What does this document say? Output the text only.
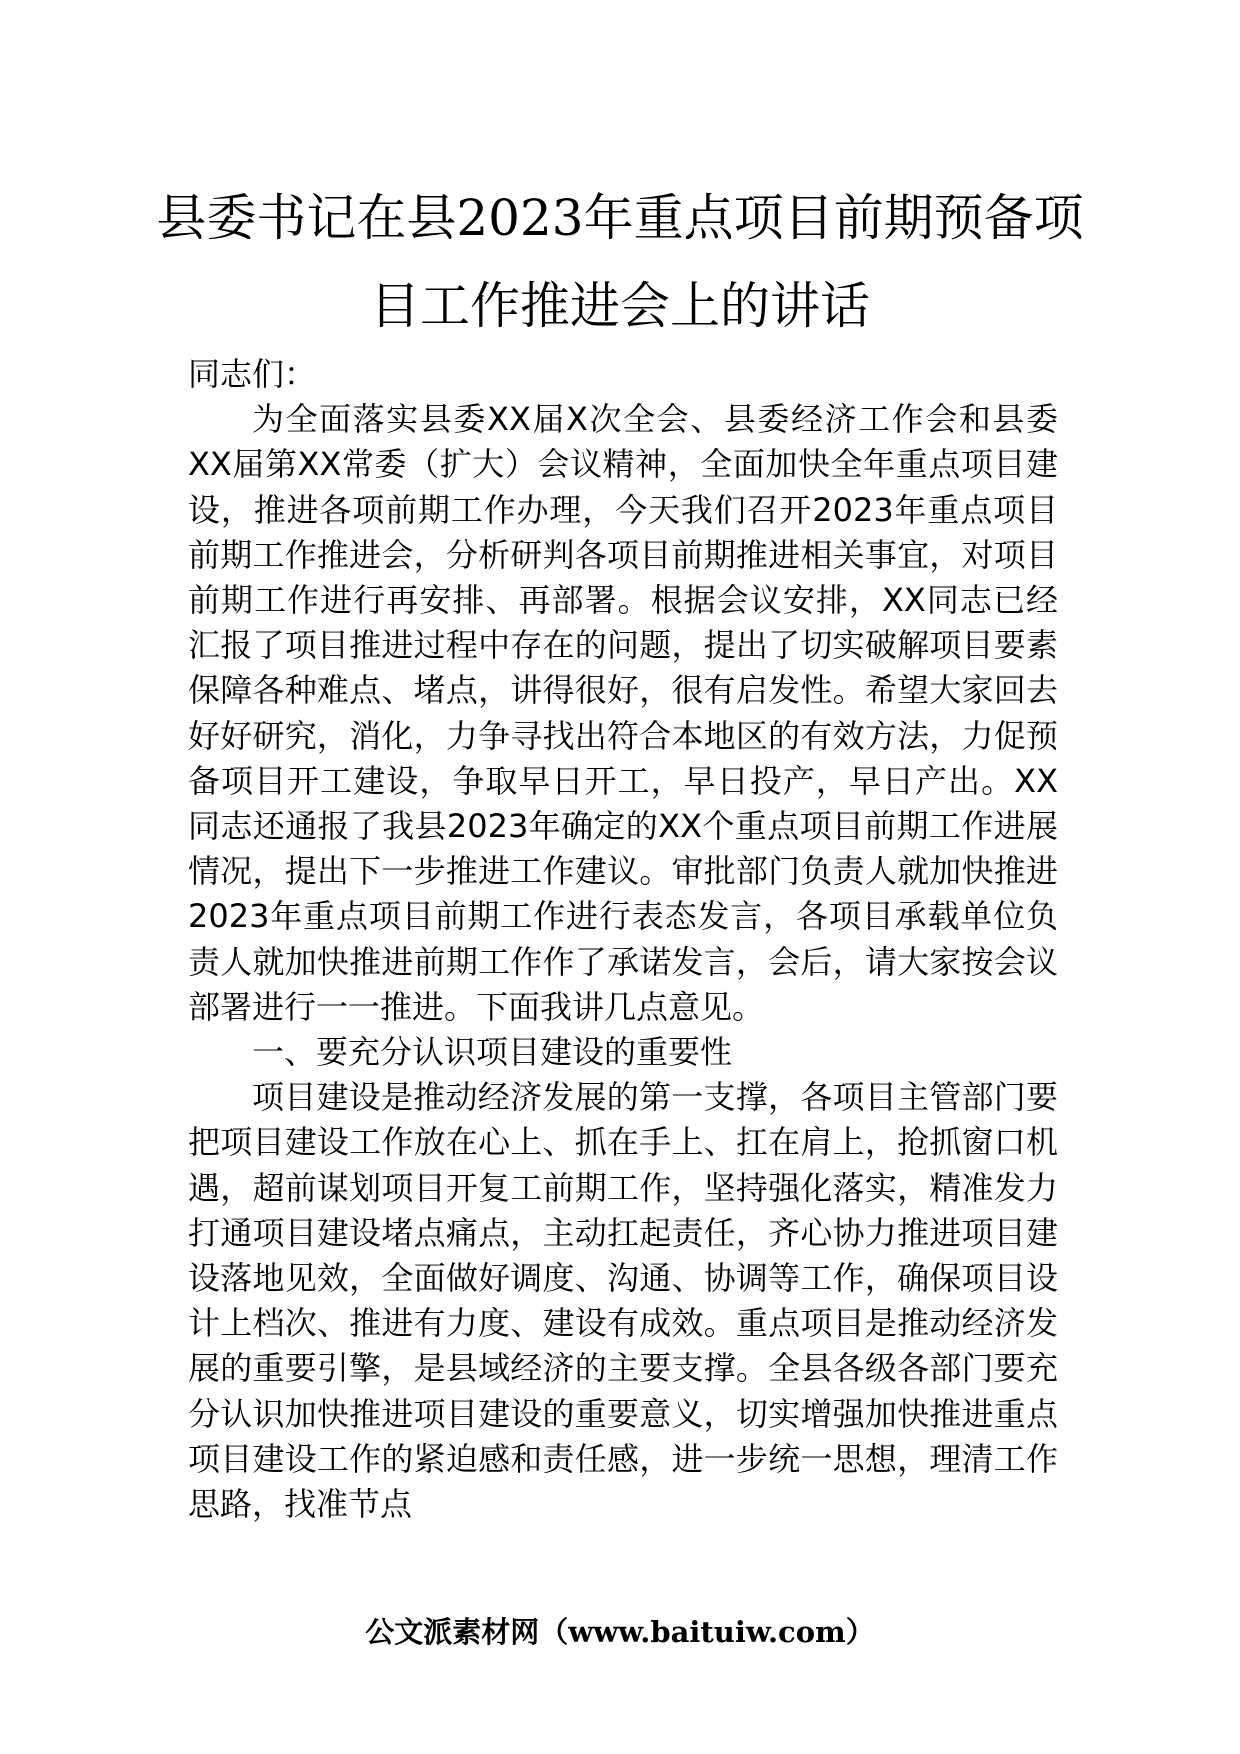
县委书记在县2023年重点项目前期预备项
目工作推进会上的讲话

同志们：

为全面落实县委XX届X次全会、县委经济工作会和县委XX届第XX常委（扩大）会议精神，全面加快全年重点项目建设，推进各项前期工作办理，今天我们召开2023年重点项目前期工作推进会，分析研判各项目前期推进相关事宜，对项目前期工作进行再安排、再部署。根据会议安排，XX同志已经汇报了项目推进过程中存在的问题，提出了切实破解项目要素保障各种难点、堵点，讲得很好，很有启发性。希望大家回去好好研究，消化，力争寻找出符合本地区的有效方法，力促预备项目开工建设，争取早日开工，早日投产，早日产出。XX同志还通报了我县2023年确定的XX个重点项目前期工作进展情况，提出下一步推进工作建议。审批部门负责人就加快推进2023年重点项目前期工作进行表态发言，各项目承载单位负责人就加快推进前期工作作了承诺发言，会后，请大家按会议部署进行一一推进。下面我讲几点意见。

一、要充分认识项目建设的重要性

项目建设是推动经济发展的第一支撑，各项目主管部门要把项目建设工作放在心上、抓在手上、扛在肩上，抢抓窗口机遇，超前谋划项目开复工前期工作，坚持强化落实，精准发力打通项目建设堵点痛点，主动扛起责任，齐心协力推进项目建设落地见效，全面做好调度、沟通、协调等工作，确保项目设计上档次、推进有力度、建设有成效。重点项目是推动经济发展的重要引擎，是县域经济的主要支撑。全县各级各部门要充分认识加快推进项目建设的重要意义，切实增强加快推进重点项目建设工作的紧迫感和责任感，进一步统一思想，理清工作思路，找准节点

公文派素材网（www.baituiw.com）
